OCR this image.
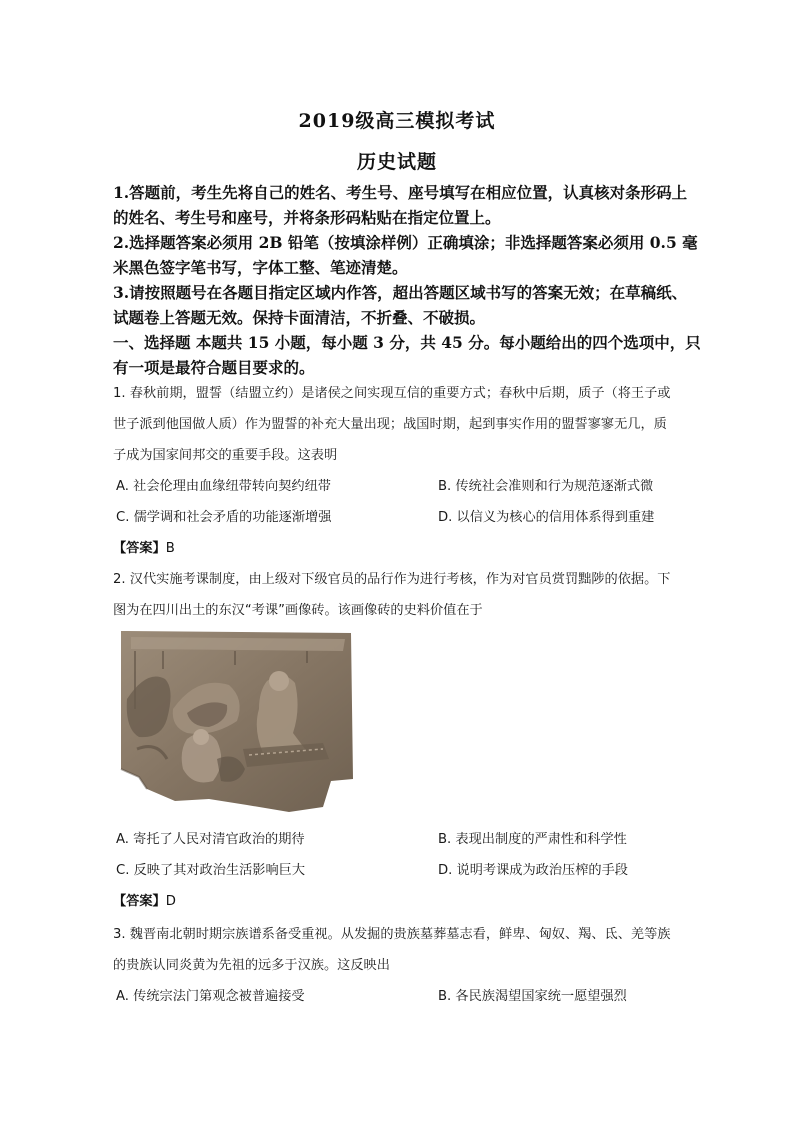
2019级高三模拟考试
历史试题
1.答题前，考生先将自己的姓名、考生号、座号填写在相应位置，认真核对条形码上
的姓名、考生号和座号，并将条形码粘贴在指定位置上。
2.选择题答案必须用 2B 铅笔（按填涂样例）正确填涂；非选择题答案必须用 0.5 毫
米黑色签字笔书写，字体工整、笔迹清楚。
3.请按照题号在各题目指定区域内作答，超出答题区域书写的答案无效；在草稿纸、
试题卷上答题无效。保持卡面清洁，不折叠、不破损。
一、选择题 本题共 15 小题，每小题 3 分，共 45 分。每小题给出的四个选项中，只
有一项是最符合题目要求的。
1. 春秋前期，盟誓（结盟立约）是诸侯之间实现互信的重要方式；春秋中后期，质子（将王子或
世子派到他国做人质）作为盟誓的补充大量出现；战国时期，起到事实作用的盟誓寥寥无几，质
子成为国家间邦交的重要手段。这表明
A. 社会伦理由血缘纽带转向契约纽带	B. 传统社会准则和行为规范逐渐式微
C. 儒学调和社会矛盾的功能逐渐增强	D. 以信义为核心的信用体系得到重建
【答案】B
2. 汉代实施考课制度，由上级对下级官员的品行作为进行考核，作为对官员赏罚黜陟的依据。下
图为在四川出土的东汉“考课”画像砖。该画像砖的史料价值在于
A. 寄托了人民对清官政治的期待	B. 表现出制度的严肃性和科学性
C. 反映了其对政治生活影响巨大	D. 说明考课成为政治压榨的手段
【答案】D
3. 魏晋南北朝时期宗族谱系备受重视。从发掘的贵族墓葬墓志看，鲜卑、匈奴、羯、氐、羌等族
的贵族认同炎黄为先祖的远多于汉族。这反映出
A. 传统宗法门第观念被普遍接受	B. 各民族渴望国家统一愿望强烈
